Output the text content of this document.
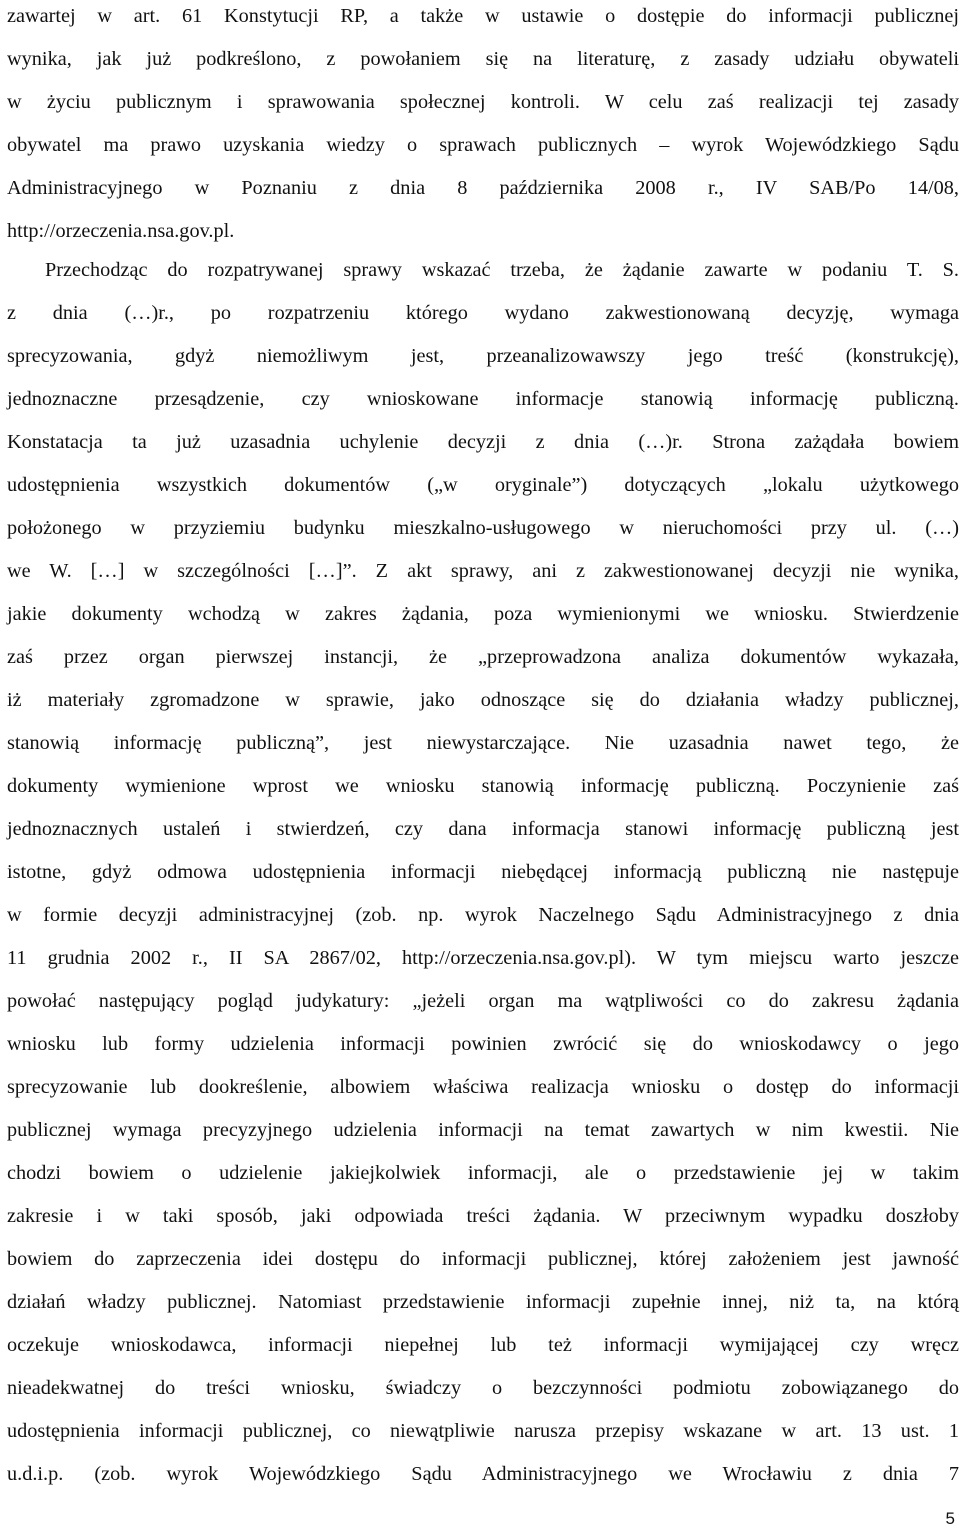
zawartej w art. 61 Konstytucji RP, a także w ustawie o dostępie do informacji publicznej
wynika, jak już podkreślono, z powołaniem się na literaturę, z zasady udziału obywateli
w życiu publicznym i sprawowania społecznej kontroli. W celu zaś realizacji tej zasady
obywatel ma prawo uzyskania wiedzy o sprawach publicznych – wyrok Wojewódzkiego Sądu
Administracyjnego w Poznaniu z dnia 8 października 2008 r., IV SAB/Po 14/08,
http://orzeczenia.nsa.gov.pl.
Przechodząc do rozpatrywanej sprawy wskazać trzeba, że żądanie zawarte w podaniu T. S.
z dnia (…)r., po rozpatrzeniu którego wydano zakwestionowaną decyzję, wymaga
sprecyzowania, gdyż niemożliwym jest, przeanalizowawszy jego treść (konstrukcję),
jednoznaczne przesądzenie, czy wnioskowane informacje stanowią informację publiczną.
Konstatacja ta już uzasadnia uchylenie decyzji z dnia (…)r. Strona zażądała bowiem
udostępnienia wszystkich dokumentów („w oryginale”) dotyczących „lokalu użytkowego
położonego w przyziemiu budynku mieszkalno-usługowego w nieruchomości przy ul. (…)
we W. […] w szczególności […]”. Z akt sprawy, ani z zakwestionowanej decyzji nie wynika,
jakie dokumenty wchodzą w zakres żądania, poza wymienionymi we wniosku. Stwierdzenie
zaś przez organ pierwszej instancji, że „przeprowadzona analiza dokumentów wykazała,
iż materiały zgromadzone w sprawie, jako odnoszące się do działania władzy publicznej,
stanowią informację publiczną”, jest niewystarczające. Nie uzasadnia nawet tego, że
dokumenty wymienione wprost we wniosku stanowią informację publiczną. Poczynienie zaś
jednoznacznych ustaleń i stwierdzeń, czy dana informacja stanowi informację publiczną jest
istotne, gdyż odmowa udostępnienia informacji niebędącej informacją publiczną nie następuje
w formie decyzji administracyjnej (zob. np. wyrok Naczelnego Sądu Administracyjnego z dnia
11 grudnia 2002 r., II SA 2867/02, http://orzeczenia.nsa.gov.pl). W tym miejscu warto jeszcze
powołać następujący pogląd judykatury: „jeżeli organ ma wątpliwości co do zakresu żądania
wniosku lub formy udzielenia informacji powinien zwrócić się do wnioskodawcy o jego
sprecyzowanie lub dookreślenie, albowiem właściwa realizacja wniosku o dostęp do informacji
publicznej wymaga precyzyjnego udzielenia informacji na temat zawartych w nim kwestii. Nie
chodzi bowiem o udzielenie jakiejkolwiek informacji, ale o przedstawienie jej w takim
zakresie i w taki sposób, jaki odpowiada treści żądania. W przeciwnym wypadku doszłoby
bowiem do zaprzeczenia idei dostępu do informacji publicznej, której założeniem jest jawność
działań władzy publicznej. Natomiast przedstawienie informacji zupełnie innej, niż ta, na którą
oczekuje wnioskodawca, informacji niepełnej lub też informacji wymijającej czy wręcz
nieadekwatnej do treści wniosku, świadczy o bezczynności podmiotu zobowiązanego do
udostępnienia informacji publicznej, co niewątpliwie narusza przepisy wskazane w art. 13 ust. 1
u.d.i.p. (zob. wyrok Wojewódzkiego Sądu Administracyjnego we Wrocławiu z dnia 7
5
